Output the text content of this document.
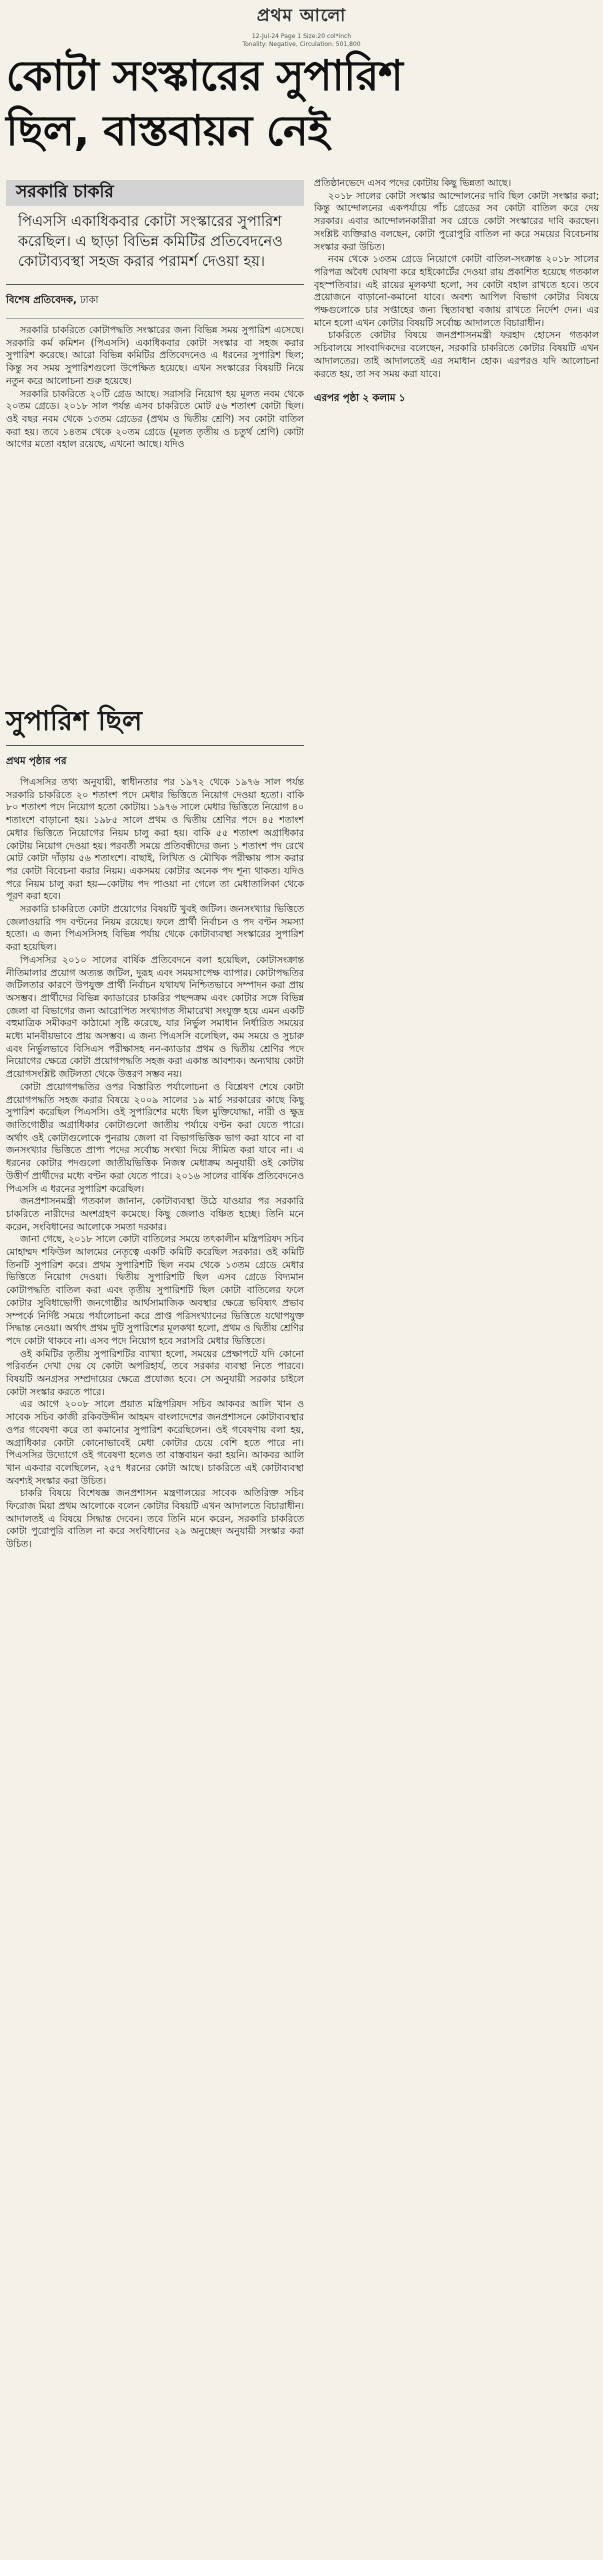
প্রথম আলো
12-Jul-24 Page 1 Size:20 col*inch
Tonality: Negative, Circulation: 501,800
কোটা সংস্কারের সুপারিশ
ছিল, বাস্তবায়ন নেই
সরকারি চাকরি

পিএসসি একাধিকবার কোটা সংস্কারের সুপারিশ করেছিল। এ ছাড়া বিভিন্ন কমিটির প্রতিবেদনেও কোটাব্যবস্থা সহজ করার পরামর্শ দেওয়া হয়।

বিশেষ প্রতিবেদক, ঢাকা

সরকারি চাকরিতে কোটাপদ্ধতি সংস্কারের জন্য বিভিন্ন সময় সুপারিশ এসেছে। সরকারি কর্ম কমিশন (পিএসসি) একাধিকবার কোটা সংস্কার বা সহজ করার সুপারিশ করেছে। আরো বিভিন্ন কমিটির প্রতিবেদনেও এ ধরনের সুপারিশ ছিল; কিন্তু সব সময় সুপারিশগুলো উপেক্ষিত হয়েছে। এখন সংস্কারের বিষয়টি নিয়ে নতুন করে আলোচনা শুরু হয়েছে।

সরকারি চাকরিতে ২০টি গ্রেড আছে। সরাসরি নিয়োগ হয় মূলত নবম থেকে ২০তম গ্রেডে। ২০১৮ সাল পর্যন্ত এসব চাকরিতে মোট ৫৬ শতাংশ কোটা ছিল। ওই বছর নবম থেকে ১৩তম গ্রেডের (প্রথম ও দ্বিতীয় শ্রেণি) সব কোটা বাতিল করা হয়। তবে ১৪তম থেকে ২০তম গ্রেডে (মূলত তৃতীয় ও চতুর্থ শ্রেণি) কোটা আগের মতো বহাল রয়েছে, এখনো আছে। যদিও

প্রতিষ্ঠানভেদে এসব পদের কোটায় কিছু ভিন্নতা আছে।

২০১৮ সালের কোটা সংস্কার আন্দোলনের দাবি ছিল কোটা সংস্কার করা; কিন্তু আন্দোলনের একপর্যায়ে পাঁচ গ্রেডের সব কোটা বাতিল করে দেয় সরকার। এবার আন্দোলনকারীরা সব গ্রেডে কোটা সংস্কারের দাবি করছেন। সংশ্লিষ্ট ব্যক্তিরাও বলছেন, কোটা পুরোপুরি বাতিল না করে সময়ের বিবেচনায় সংস্কার করা উচিত।

নবম থেকে ১৩তম গ্রেডে নিয়োগে কোটা বাতিল-সংক্রান্ত ২০১৮ সালের পরিপত্র অবৈধ ঘোষণা করে হাইকোর্টের দেওয়া রায় প্রকাশিত হয়েছে গতকাল বৃহস্পতিবার। এই রায়ের মূলকথা হলো, সব কোটা বহাল রাখতে হবে। তবে প্রয়োজনে বাড়ানো-কমানো যাবে। অবশ্য আপিল বিভাগ কোটার বিষয়ে পক্ষগুলোকে চার সপ্তাহের জন্য স্থিতাবস্থা বজায় রাখতে নির্দেশ দেন। এর মানে হলো এখন কোটার বিষয়টি সর্বোচ্চ আদালতে বিচারাধীন।

চাকরিতে কোটার বিষয়ে জনপ্রশাসনমন্ত্রী ফরহাদ হোসেন গতকাল সচিবালয়ে সাংবাদিকদের বলেছেন, সরকারি চাকরিতে কোটার বিষয়টি এখন আদালতের। তাই আদালতেই এর সমাধান হোক। এরপরও যদি আলোচনা করতে হয়, তা সব সময় করা যাবে।

এরপর পৃষ্ঠা ২ কলাম ১
সুপারিশ ছিল
প্রথম পৃষ্ঠার পর

পিএসসির তথ্য অনুযায়ী, স্বাধীনতার পর ১৯৭২ থেকে ১৯৭৬ সাল পর্যন্ত সরকারি চাকরিতে ২০ শতাংশ পদে মেধার ভিত্তিতে নিয়োগ দেওয়া হতো। বাকি ৮০ শতাংশ পদে নিয়োগ হতো কোটায়। ১৯৭৬ সালে মেধার ভিত্তিতে নিয়োগ ৪০ শতাংশে বাড়ানো হয়। ১৯৮৫ সালে প্রথম ও দ্বিতীয় শ্রেণির পদে ৪৫ শতাংশ মেধার ভিত্তিতে নিয়োগের নিয়ম চালু করা হয়। বাকি ৫৫ শতাংশ অগ্রাধিকার কোটায় নিয়োগ দেওয়া হয়। পরবর্তী সময়ে প্রতিবন্ধীদের জন্য ১ শতাংশ পদ রেখে মোট কোটা দাঁড়ায় ৫৬ শতাংশে। বাছাই, লিখিত ও মৌখিক পরীক্ষায় পাস করার পর কোটা বিবেচনা করার নিয়ম। একসময় কোটার অনেক পদ শূন্য থাকত। যদিও পরে নিয়ম চালু করা হয়—কোটায় পদ পাওয়া না গেলে তা মেধাতালিকা থেকে পূরণ করা হবে।

সরকারি চাকরিতে কোটা প্রয়োগের বিষয়টি খুবই জটিল। জনসংখ্যার ভিত্তিতে জেলাওয়ারি পদ বণ্টনের নিয়ম রয়েছে। ফলে প্রার্থী নির্বাচন ও পদ বণ্টন সমস্যা হতো। এ জন্য পিএসসিসহ বিভিন্ন পর্যায় থেকে কোটাব্যবস্থা সংস্কারের সুপারিশ করা হয়েছিল।

পিএসসির ২০১০ সালের বার্ষিক প্রতিবেদনে বলা হয়েছিল, কোটাসংক্রান্ত নীতিমালার প্রয়োগ অত্যন্ত জটিল, দুরূহ এবং সময়সাপেক্ষ ব্যাপার। কোটাপদ্ধতির জটিলতার কারণে উপযুক্ত প্রার্থী নির্বাচন যথাযথ নিশ্চিতভাবে সম্পাদন করা প্রায় অসম্ভব। প্রার্থীদের বিভিন্ন ক্যাডারের চাকরির পছন্দক্রম এবং কোটার সঙ্গে বিভিন্ন জেলা বা বিভাগের জন্য আরোপিত সংখ্যাগত সীমারেখা সংযুক্ত হয়ে এমন একটি বহুমাত্রিক সমীকরণ কাঠামো সৃষ্টি করেছে, যার নির্ভুল সমাধান নির্ধারিত সময়ের মধ্যে মানবীয়ভাবে প্রায় অসম্ভব। এ জন্য পিএসসি বলেছিল, কম সময়ে ও সুচারু এবং নির্ভুলভাবে বিসিএস পরীক্ষাসহ নন-ক্যাডার প্রথম ও দ্বিতীয় শ্রেণির পদে নিয়োগের ক্ষেত্রে কোটা প্রয়োগপদ্ধতি সহজ করা একান্ত আবশ্যক। অন্যথায় কোটা প্রয়োগসংশ্লিষ্ট জটিলতা থেকে উত্তরণ সম্ভব নয়।

কোটা প্রয়োগপদ্ধতির ওপর বিস্তারিত পর্যালোচনা ও বিশ্লেষণ শেষে কোটা প্রয়োগপদ্ধতি সহজ করার বিষয়ে ২০০৯ সালের ১৯ মার্চ সরকারের কাছে কিছু সুপারিশ করেছিল পিএসসি। ওই সুপারিশের মধ্যে ছিল মুক্তিযোদ্ধা, নারী ও ক্ষুদ্র জাতিগোষ্ঠীর অগ্রাধিকার কোটাগুলো জাতীয় পর্যায়ে বণ্টন করা যেতে পারে। অর্থাৎ ওই কোটাগুলোকে পুনরায় জেলা বা বিভাগভিত্তিক ভাগ করা যাবে না বা জনসংখ্যার ভিত্তিতে প্রাপ্য পদের সর্বোচ্চ সংখ্যা দিয়ে সীমিত করা যাবে না। এ ধরনের কোটার পদগুলো জাতীয়ভিত্তিক নিজস্ব মেধাক্রম অনুযায়ী ওই কোটায় উত্তীর্ণ প্রার্থীদের মধ্যে বণ্টন করা যেতে পারে। ২০১৬ সালের বার্ষিক প্রতিবেদনেও পিএসসি এ ধরনের সুপারিশ করেছিল।

জনপ্রশাসনমন্ত্রী গতকাল জানান, কোটাব্যবস্থা উঠে যাওয়ার পর সরকারি চাকরিতে নারীদের অংশগ্রহণ কমেছে। কিছু জেলাও বঞ্চিত হচ্ছে। তিনি মনে করেন, সংবিধানের আলোকে সমতা দরকার।

জানা গেছে, ২০১৮ সালে কোটা বাতিলের সময়ে তৎকালীন মন্ত্রিপরিষদ সচিব মোহাম্মদ শফিউল আলমের নেতৃত্বে একটি কমিটি করেছিল সরকার। ওই কমিটি তিনটি সুপারিশ করে। প্রথম সুপারিশটি ছিল নবম থেকে ১৩তম গ্রেডে মেধার ভিত্তিতে নিয়োগ দেওয়া। দ্বিতীয় সুপারিশটি ছিল এসব গ্রেডে বিদ্যমান কোটাপদ্ধতি বাতিল করা এবং তৃতীয় সুপারিশটি ছিল কোটা বাতিলের ফলে কোটার সুবিধাভোগী জনগোষ্ঠীর আর্থসামাজিক অবস্থার ক্ষেত্রে ভবিষ্যৎ প্রভাব সম্পর্কে নির্দিষ্ট সময়ে পর্যালোচনা করে প্রাপ্ত পরিসংখ্যানের ভিত্তিতে যথোপযুক্ত সিদ্ধান্ত নেওয়া। অর্থাৎ প্রথম দুটি সুপারিশের মূলকথা হলো, প্রথম ও দ্বিতীয় শ্রেণির পদে কোটা থাকবে না। এসব পদে নিয়োগ হবে সরাসরি মেধার ভিত্তিতে।

ওই কমিটির তৃতীয় সুপারিশটির ব্যাখ্যা হলো, সময়ের প্রেক্ষাপটে যদি কোনো পরিবর্তন দেখা দেয় যে কোটা অপরিহার্য, তবে সরকার ব্যবস্থা নিতে পারবে। বিষয়টি অনগ্রসর সম্প্রদায়ের ক্ষেত্রে প্রযোজ্য হবে। সে অনুযায়ী সরকার চাইলে কোটা সংস্কার করতে পারে।

এর আগে ২০০৮ সালে প্রয়াত মন্ত্রিপরিষদ সচিব আকবর আলি খান ও সাবেক সচিব কাজী রকিবউদ্দীন আহমদ বাংলাদেশের জনপ্রশাসনে কোটাব্যবস্থার ওপর গবেষণা করে তা কমানোর সুপারিশ করেছিলেন। ওই গবেষণায় বলা হয়, অগ্রাধিকার কোটা কোনোভাবেই মেধা কোটার চেয়ে বেশি হতে পারে না। পিএসসির উদ্যোগে ওই গবেষণা হলেও তা বাস্তবায়ন করা হয়নি। আকবর আলি খান একবার বলেছিলেন, ২৫৭ ধরনের কোটা আছে। চাকরিতে এই কোটাব্যবস্থা অবশ্যই সংস্কার করা উচিত।

চাকরি বিষয়ে বিশেষজ্ঞ জনপ্রশাসন মন্ত্রণালয়ের সাবেক অতিরিক্ত সচিব ফিরোজ মিয়া প্রথম আলোকে বলেন কোটার বিষয়টি এখন আদালতে বিচারাধীন। আদালতই এ বিষয়ে সিদ্ধান্ত দেবেন। তবে তিনি মনে করেন, সরকারি চাকরিতে কোটা পুরোপুরি বাতিল না করে সংবিধানের ২৯ অনুচ্ছেদ অনুযায়ী সংস্কার করা উচিত।
